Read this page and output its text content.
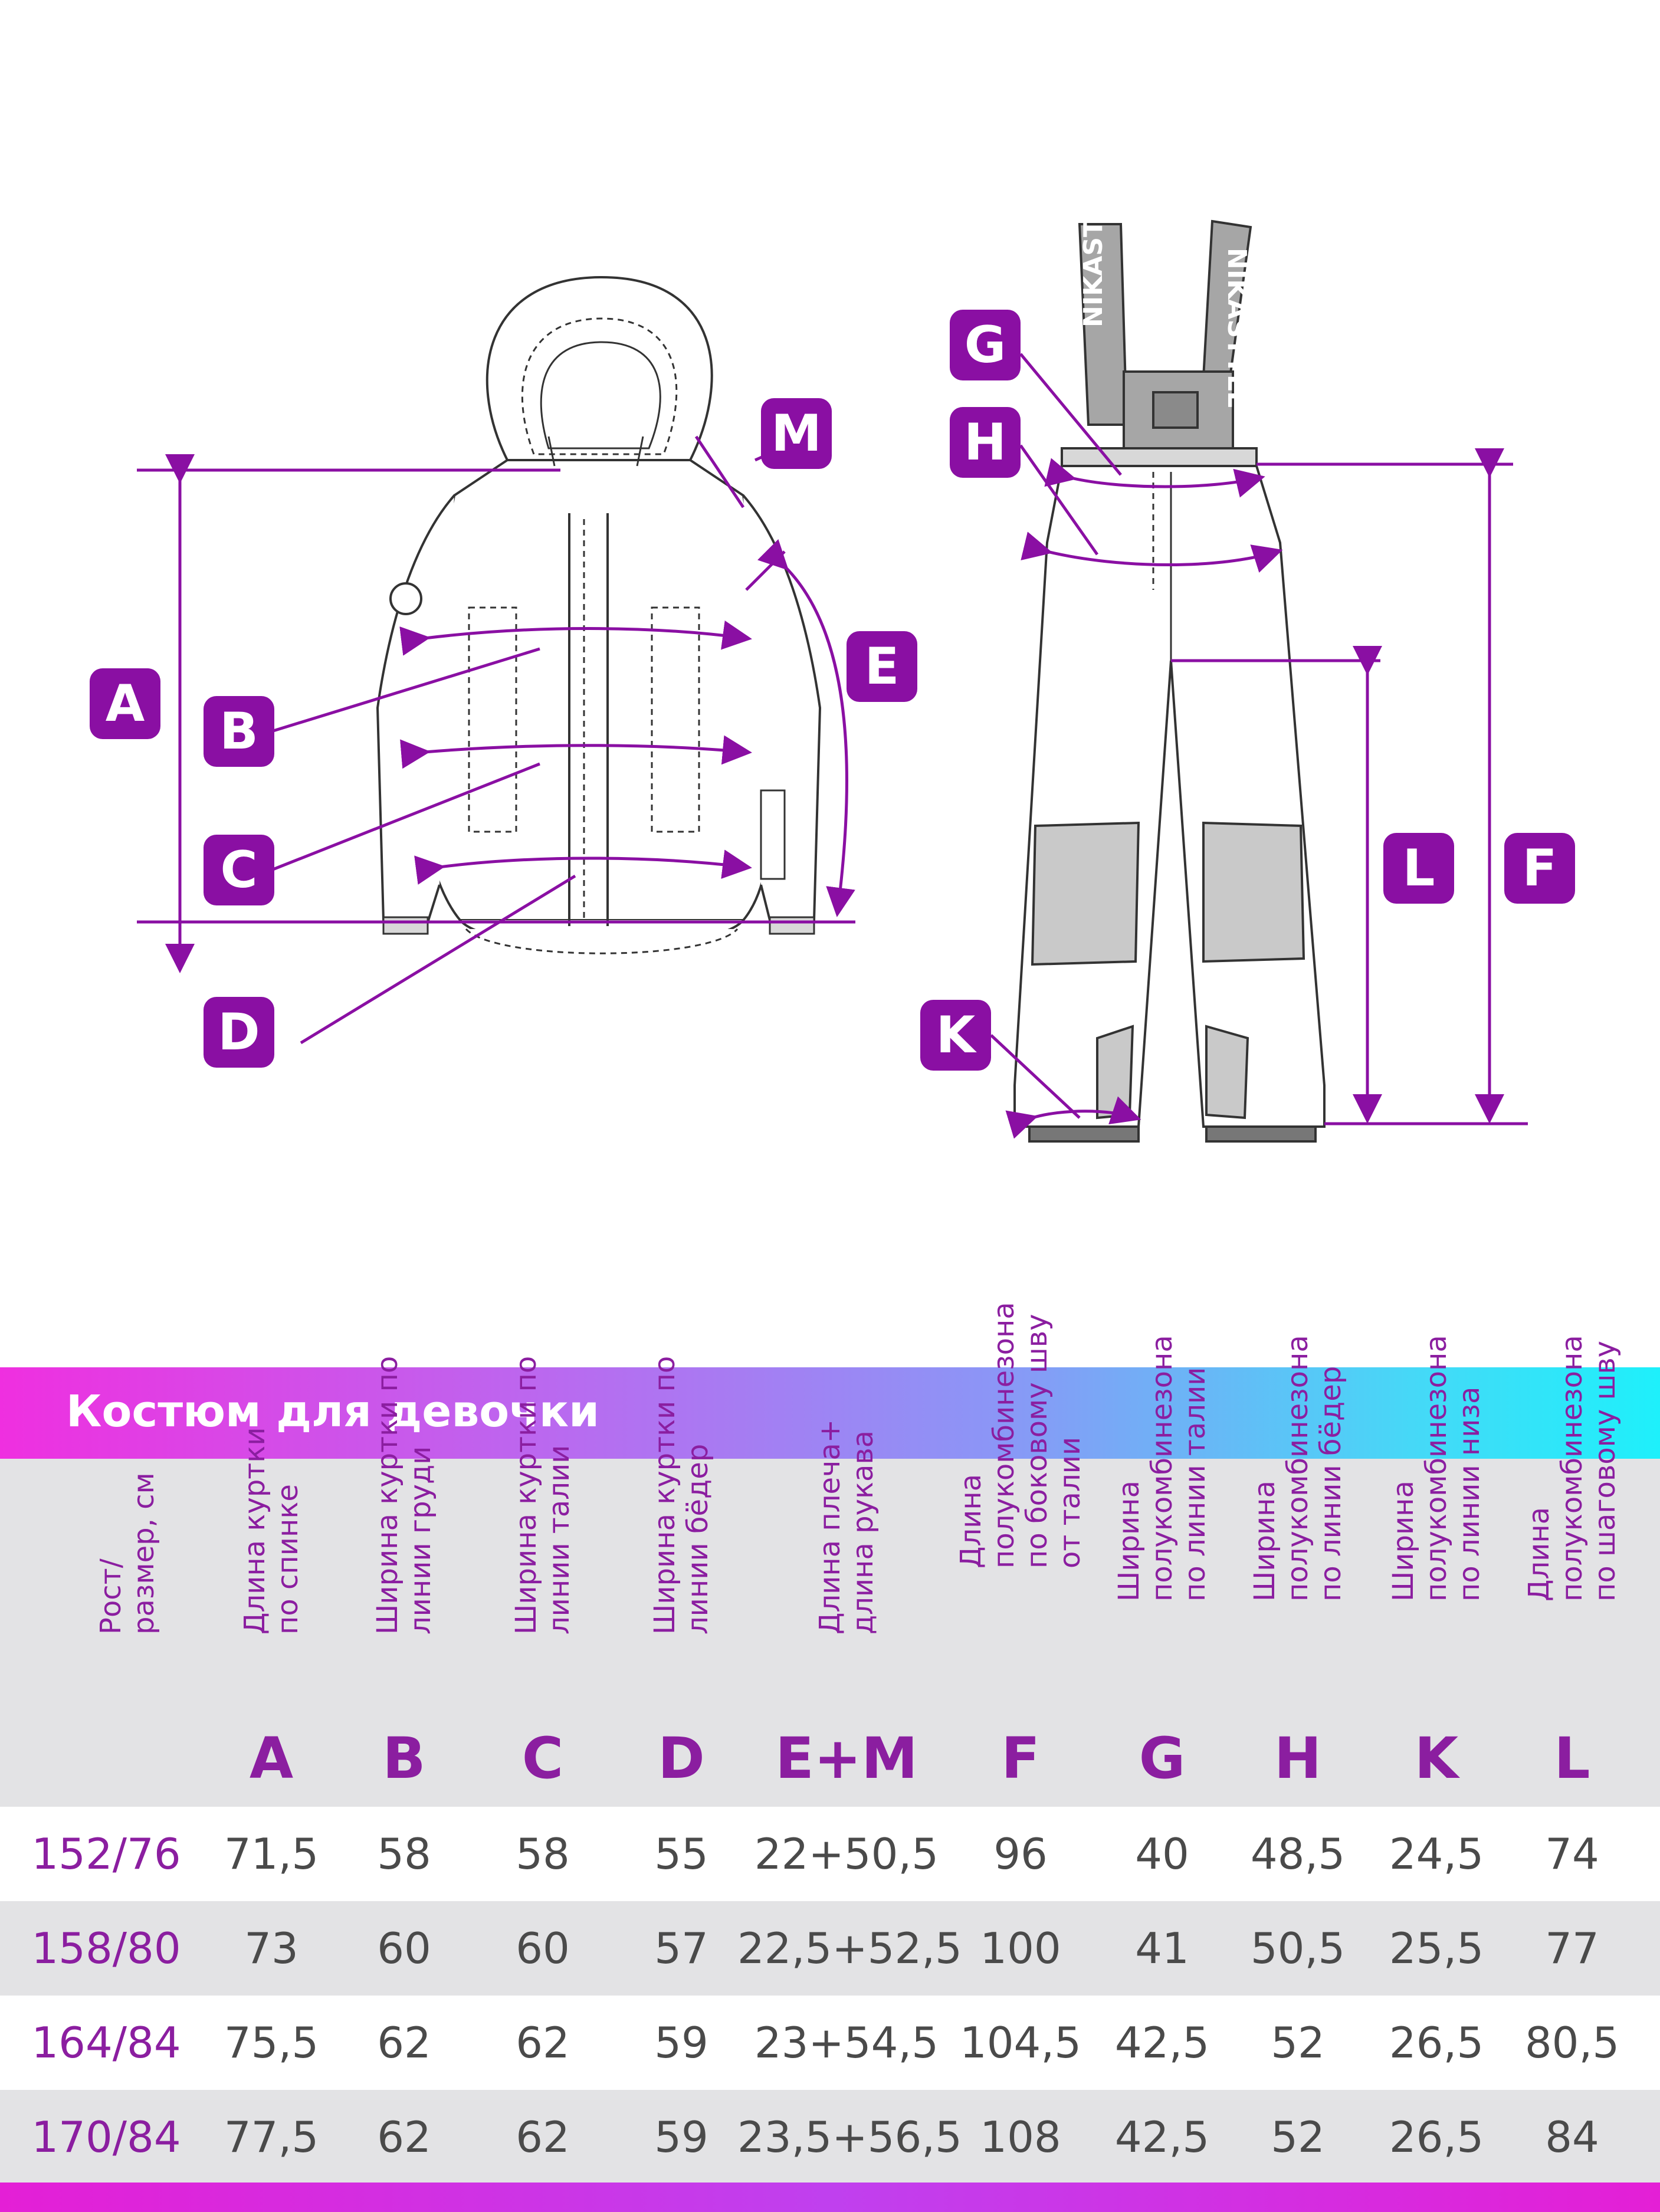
NIKASTYLE
NIKASTYLE
A	B
C
D
M
E
G
H
K
L	F
Костюм для девочки
Рост/
размер, см
Длина куртки
по спинке
A
Ширина куртки по
линии груди
B
Ширина куртки по
линии талии
C
Ширина куртки по
линии бёдер
D
Длина плеча+
длина рукава
E+M
Длина
полукомбинезона
по боковому шву
от талии
F
Ширина
полукомбинезона
по линии талии
G
Ширина
полукомбинезона
по линии бёдер
H
Ширина
полукомбинезона
по линии низа
K
Длина
полукомбинезона
по шаговому шву
L
152/76 71,5	58	58	55	22+50,5	96	40	48,5	24,5	74
158/80	73	60	60	57 22,5+52,5 100	41	50,5	25,5	77
164/84 75,5	62	62	59	23+54,5 104,5 42,5	52	26,5 80,5
170/84 77,5	62	62	59 23,5+56,5 108	42,5	52	26,5	84
